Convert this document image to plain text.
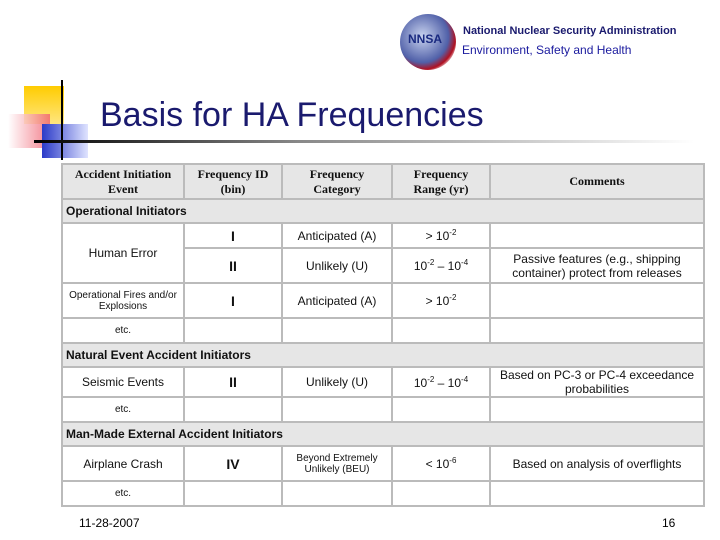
NNSA
National Nuclear Security Administration
Environment, Safety and Health
Basis for HA Frequencies
Accident Initiation Event	Frequency ID (bin)	Frequency Category	Frequency Range (yr)	Comments
Operational Initiators				
Human Error	I	Anticipated (A)	> $10^{-2}$	
	II	Unlikely (U)	$10^{-2} - 10^{-4}$	Passive features (e.g., shipping container) protect from releases
Operational Fires and/or Explosions	I	Anticipated (A)	> $10^{-2}$	
etc.				
Natural Event Accident Initiators				
Seismic Events	II	Unlikely (U)	$10^{-2} - 10^{-4}$	Based on PC-3 or PC-4 exceedance probabilities
etc.				
Man-Made External Accident Initiators				
Airplane Crash	IV	Beyond Extremely Unlikely (BEU)	< $10^{-6}$	Based on analysis of overflights
etc.				
11-28-2007	16
